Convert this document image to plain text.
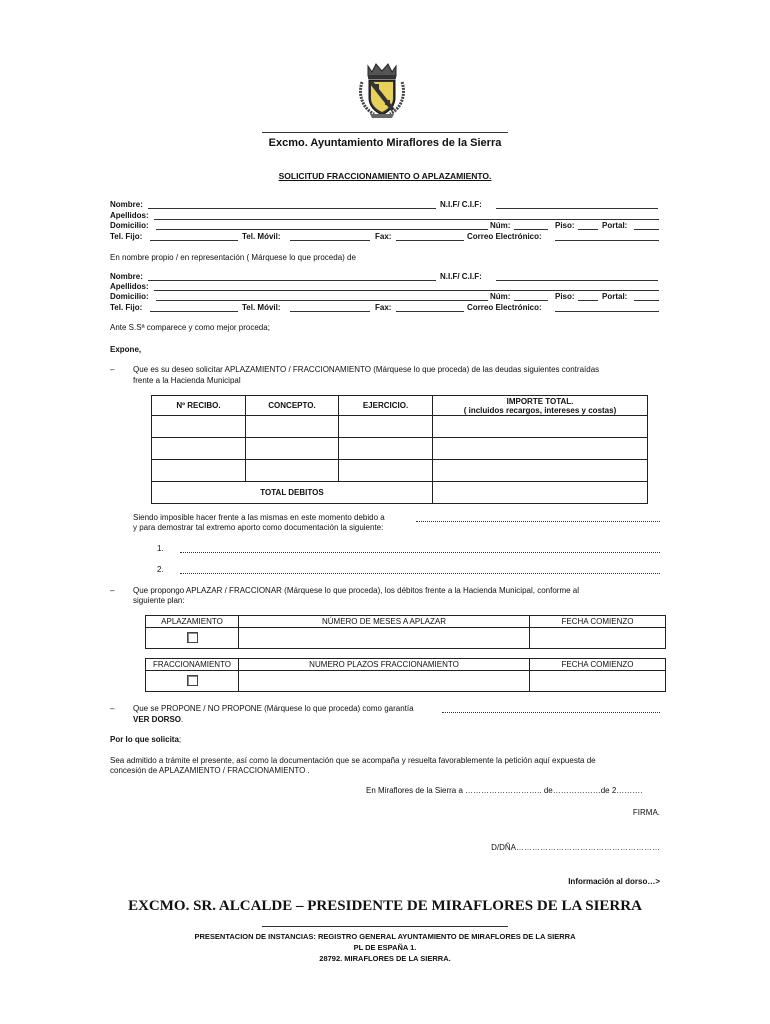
Excmo. Ayuntamiento Miraflores de la Sierra
SOLICITUD FRACCIONAMIENTO O APLAZAMIENTO.
Nombre:	N.I.F/ C.I.F:
Apellidos:
Domicilio:	Núm:	Piso:	Portal:
Tel. Fijo:	Tel. Móvil:	Fax:	Correo Electrónico:
En nombre propio / en representación ( Márquese lo que proceda) de
Nombre:	N.I.F/ C.I.F:
Apellidos:
Domicilio:	Núm:	Piso:	Portal:
Tel. Fijo:	Tel. Móvil:	Fax:	Correo Electrónico:
Ante S.Sª comparece y como mejor proceda;
Expone,
– Que es su deseo solicitar APLAZAMIENTO / FRACCIONAMIENTO (Márquese lo que proceda) de las deudas siguientes contraídas
frente a la Hacienda Municipal
Nº RECIBO.	CONCEPTO.	EJERCICIO.	IMPORTE TOTAL.
( incluidos recargos, intereses y costas)

TOTAL DEBITOS			
Siendo imposible hacer frente a las mismas en este momento debido a
y para demostrar tal extremo aporto como documentación la siguiente:
1.
2.
– Que propongo APLAZAR / FRACCIONAR (Márquese lo que proceda), los débitos frente a la Hacienda Municipal, conforme al
siguiente plan:
APLAZAMIENTO	NÚMERO DE MESES A APLAZAR	FECHA COMIENZO

FRACCIONAMIENTO	NUMERO PLAZOS FRACCIONAMIENTO	FECHA COMIENZO

– Que se PROPONE / NO PROPONE (Márquese lo que proceda) como garantía
VER DORSO.
Por lo que solicita;
Sea admitido a trámite el presente, así como la documentación que se acompaña y resuelta favorablemente la petición aquí expuesta de
concesión de APLAZAMIENTO / FRACCIONAMIENTO .
En Miraflores de la Sierra a ……………………….. de………………de 2……….
FIRMA.
D/DÑA………………………………………………
Información al dorso…>
EXCMO. SR. ALCALDE – PRESIDENTE DE MIRAFLORES DE LA SIERRA
PRESENTACION DE INSTANCIAS: REGISTRO GENERAL AYUNTAMIENTO DE MIRAFLORES DE LA SIERRA
PL DE ESPAÑA 1.
28792. MIRAFLORES DE LA SIERRA.
